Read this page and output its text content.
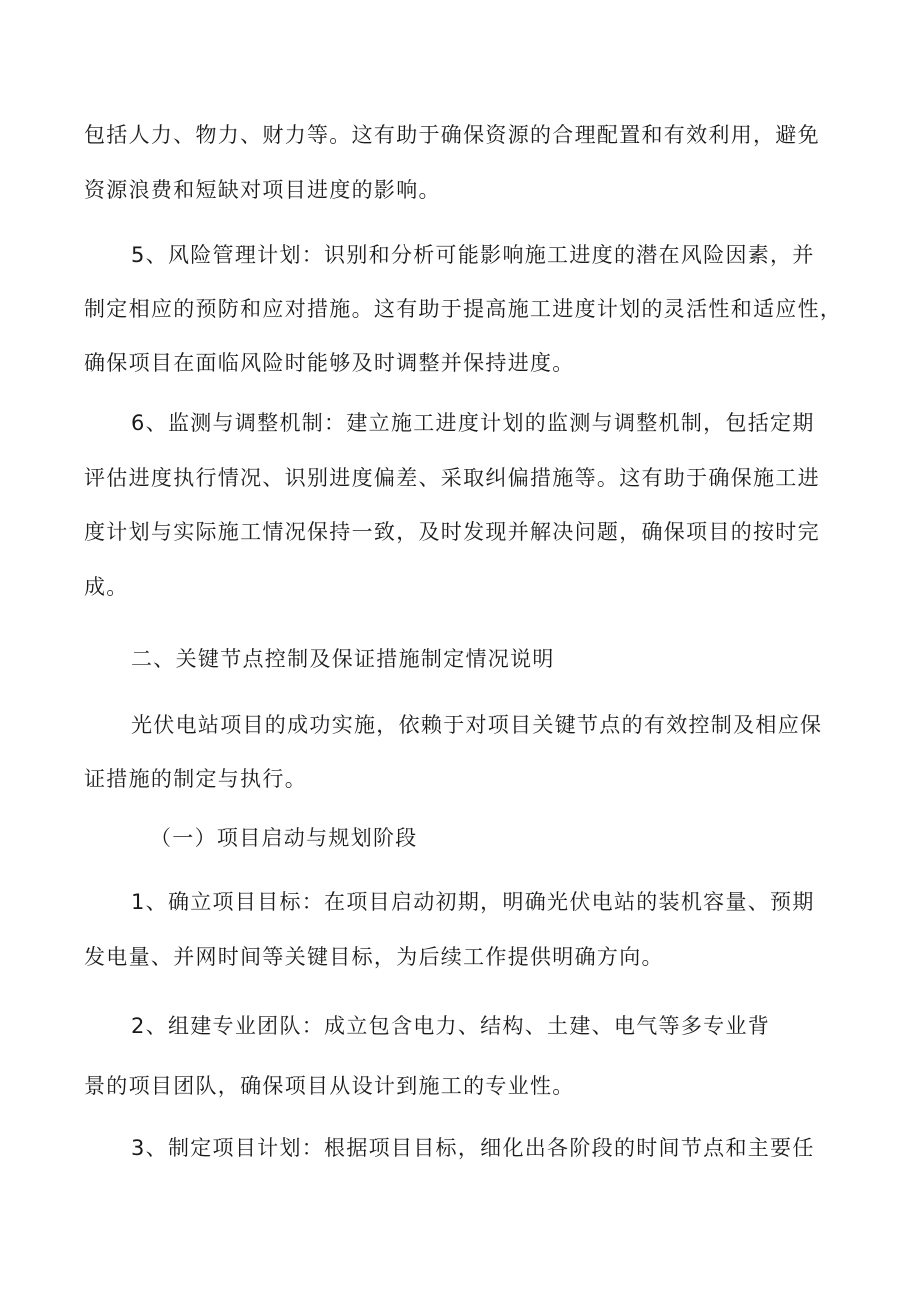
包括人力、物力、财力等。这有助于确保资源的合理配置和有效利用，避免
资源浪费和短缺对项目进度的影响。
5、风险管理计划：识别和分析可能影响施工进度的潜在风险因素，并
制定相应的预防和应对措施。这有助于提高施工进度计划的灵活性和适应性，
确保项目在面临风险时能够及时调整并保持进度。
6、监测与调整机制：建立施工进度计划的监测与调整机制，包括定期
评估进度执行情况、识别进度偏差、采取纠偏措施等。这有助于确保施工进
度计划与实际施工情况保持一致，及时发现并解决问题，确保项目的按时完
成。
二、关键节点控制及保证措施制定情况说明
光伏电站项目的成功实施，依赖于对项目关键节点的有效控制及相应保
证措施的制定与执行。
（一）项目启动与规划阶段
1、确立项目目标：在项目启动初期，明确光伏电站的装机容量、预期
发电量、并网时间等关键目标，为后续工作提供明确方向。
2、组建专业团队：成立包含电力、结构、土建、电气等多专业背
景的项目团队，确保项目从设计到施工的专业性。
3、制定项目计划：根据项目目标，细化出各阶段的时间节点和主要任
